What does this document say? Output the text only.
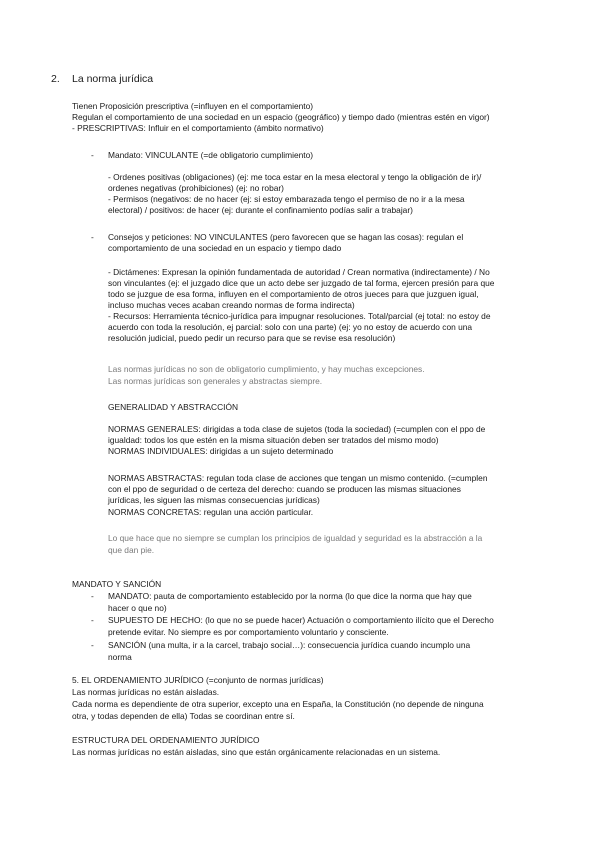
2. La norma jurídica

Tienen Proposición prescriptiva (=influyen en el comportamiento)

Regulan el comportamiento de una sociedad en un espacio (geográfico) y tiempo dado (mientras estén en vigor)

- PRESCRIPTIVAS: Influir en el comportamiento (ámbito normativo)

- Mandato: VINCULANTE (=de obligatorio cumplimiento)

- Ordenes positivas (obligaciones) (ej: me toca estar en la mesa electoral y tengo la obligación de ir)/

ordenes negativas (prohibiciones) (ej: no robar)

- Permisos (negativos: de no hacer (ej: si estoy embarazada tengo el permiso de no ir a la mesa

electoral) / positivos: de hacer (ej: durante el confinamiento podías salir a trabajar)

- Consejos y peticiones: NO VINCULANTES (pero favorecen que se hagan las cosas): regulan el

comportamiento de una sociedad en un espacio y tiempo dado

- Dictámenes: Expresan la opinión fundamentada de autoridad / Crean normativa (indirectamente) / No

son vinculantes (ej: el juzgado dice que un acto debe ser juzgado de tal forma, ejercen presión para que

todo se juzgue de esa forma, influyen en el comportamiento de otros jueces para que juzguen igual,

incluso muchas veces acaban creando normas de forma indirecta)

- Recursos: Herramienta técnico-jurídica para impugnar resoluciones. Total/parcial (ej total: no estoy de

acuerdo con toda la resolución, ej parcial: solo con una parte) (ej: yo no estoy de acuerdo con una

resolución judicial, puedo pedir un recurso para que se revise esa resolución)

Las normas jurídicas no son de obligatorio cumplimiento, y hay muchas excepciones.

Las normas jurídicas son generales y abstractas siempre.

GENERALIDAD Y ABSTRACCIÓN

NORMAS GENERALES: dirigidas a toda clase de sujetos (toda la sociedad) (=cumplen con el ppo de

igualdad: todos los que estén en la misma situación deben ser tratados del mismo modo)

NORMAS INDIVIDUALES: dirigidas a un sujeto determinado

NORMAS ABSTRACTAS: regulan toda clase de acciones que tengan un mismo contenido. (=cumplen

con el ppo de seguridad o de certeza del derecho: cuando se producen las mismas situaciones

jurídicas, les siguen las mismas consecuencias jurídicas)

NORMAS CONCRETAS: regulan una acción particular.

Lo que hace que no siempre se cumplan los principios de igualdad y seguridad es la abstracción a la

que dan pie.

MANDATO Y SANCIÓN

- MANDATO: pauta de comportamiento establecido por la norma (lo que dice la norma que hay que

hacer o que no)

- SUPUESTO DE HECHO: (lo que no se puede hacer) Actuación o comportamiento ilícito que el Derecho

pretende evitar. No siempre es por comportamiento voluntario y consciente.

- SANCIÓN (una multa, ir a la carcel, trabajo social…): consecuencia jurídica cuando incumplo una

norma

5. EL ORDENAMIENTO JURÍDICO (=conjunto de normas jurídicas)

Las normas jurídicas no están aisladas.

Cada norma es dependiente de otra superior, excepto una en España, la Constitución (no depende de ninguna

otra, y todas dependen de ella) Todas se coordinan entre sí.

ESTRUCTURA DEL ORDENAMIENTO JURÍDICO

Las normas jurídicas no están aisladas, sino que están orgánicamente relacionadas en un sistema.
